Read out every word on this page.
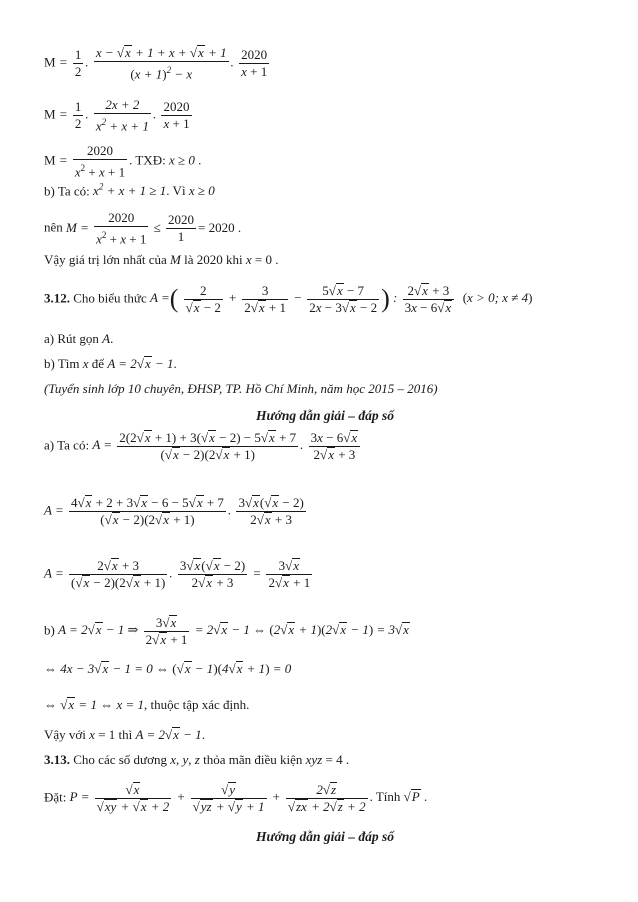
$M = \frac{1}{2}$ . $\frac{x - √x + 1 + x + √x + 1}{(x + 1)^2 - x}$ . $\frac{2020}{x + 1}$
$M = \frac{1}{2}$ . $\frac{2x + 2}{x^2 + x + 1}$ . $\frac{2020}{x + 1}$
$M = \frac{2020}{x^2 + x + 1}$ . TXĐ: x ≥ 0 .
b) Ta có: $x^2 + x + 1 \ge 1$. Vì x ≥ 0
nên $M = \frac{2020}{x^2 + x + 1} \le \frac{2020}{1} = 2020$ .
Vậy giá trị lớn nhất của M là 2020 khi x = 0 .
3.12. Cho biểu thức A =( $\frac{2}{√x - 2} + \frac{3}{2√x + 1} - \frac{5√x - 7}{2x - 3√x - 2}$ ) : $\frac{2√x + 3}{3x - 6√x} (x > 0$; x ≠ 4)
a) Rút gọn A.
b) Tìm x để A = 2√x − 1.
(Tuyển sinh lớp 10 chuyên, ĐHSP, TP. Hồ Chí Minh, năm học 2015 – 2016)
Hướng dẫn giải – đáp số
a) Ta có: $A = \frac{2(2√x + 1) + 3(√x - 2) - 5√x + 7}{(√x - 2)(2√x + 1)}$ . $\frac{3x - 6√x}{2√x + 3}$
$A = \frac{4√x + 2 + 3√x - 6 - 5√x + 7}{(√x - 2)(2√x + 1)}$ . $\frac{3√x(√x - 2)}{2√x + 3}$
$A = \frac{2√x + 3}{(√x - 2)(2√x + 1)}$ . $\frac{3√x(√x - 2)}{2√x + 3} = \frac{3√x}{2√x + 1}$
b) A = 2√x − 1 ⇒ $\frac{3√x}{2√x + 1} = 2√x - 1$ ⇔ (2√x + 1)(2√x − 1) = 3√x
⇔ 4x − 3√x − 1 = 0 ⇔ (√x − 1)(4√x + 1) = 0
⇔ √x = 1 ⇔ x = 1, thuộc tập xác định.
Vậy với x = 1 thì A = 2√x − 1.
3.13. Cho các số dương x, y, z thỏa mãn điều kiện xyz = 4 .
Đặt: $P = \frac{√x}{√xy + √x + 2} + \frac{√y}{√yz + √y + 1} + \frac{2√z}{√zx + 2√z + 2}$ . Tính √P .
Hướng dẫn giải – đáp số
